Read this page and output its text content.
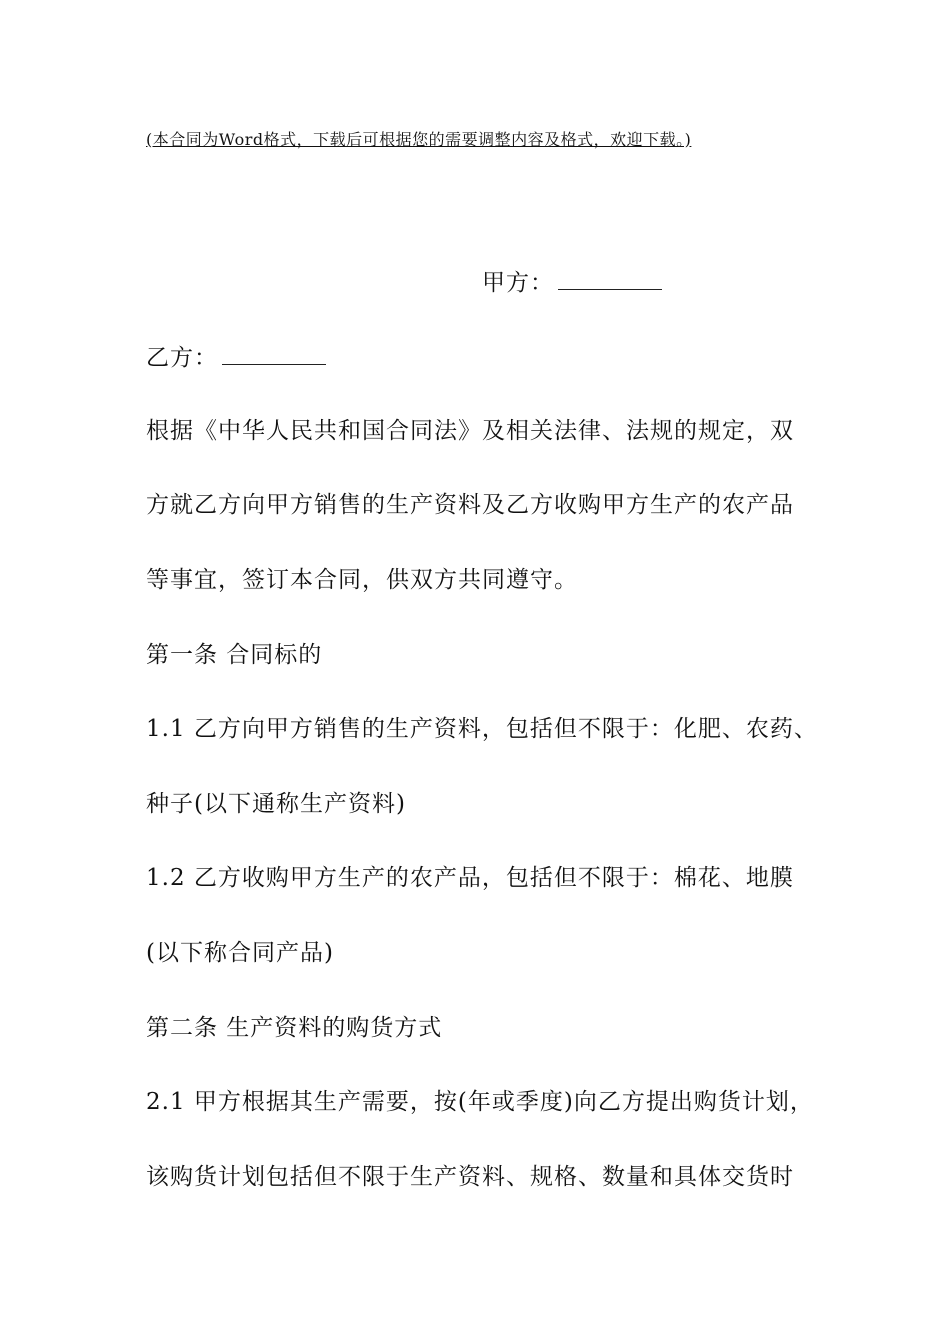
(本合同为Word格式，下载后可根据您的需要调整内容及格式，欢迎下载。)
甲方：
乙方：
根据《中华人民共和国合同法》及相关法律、法规的规定，双
方就乙方向甲方销售的生产资料及乙方收购甲方生产的农产品
等事宜，签订本合同，供双方共同遵守。
第一条 合同标的
1.1 乙方向甲方销售的生产资料，包括但不限于：化肥、农药、
种子(以下通称生产资料)
1.2 乙方收购甲方生产的农产品，包括但不限于：棉花、地膜
(以下称合同产品)
第二条 生产资料的购货方式
2.1 甲方根据其生产需要，按(年或季度)向乙方提出购货计划，
该购货计划包括但不限于生产资料、规格、数量和具体交货时
